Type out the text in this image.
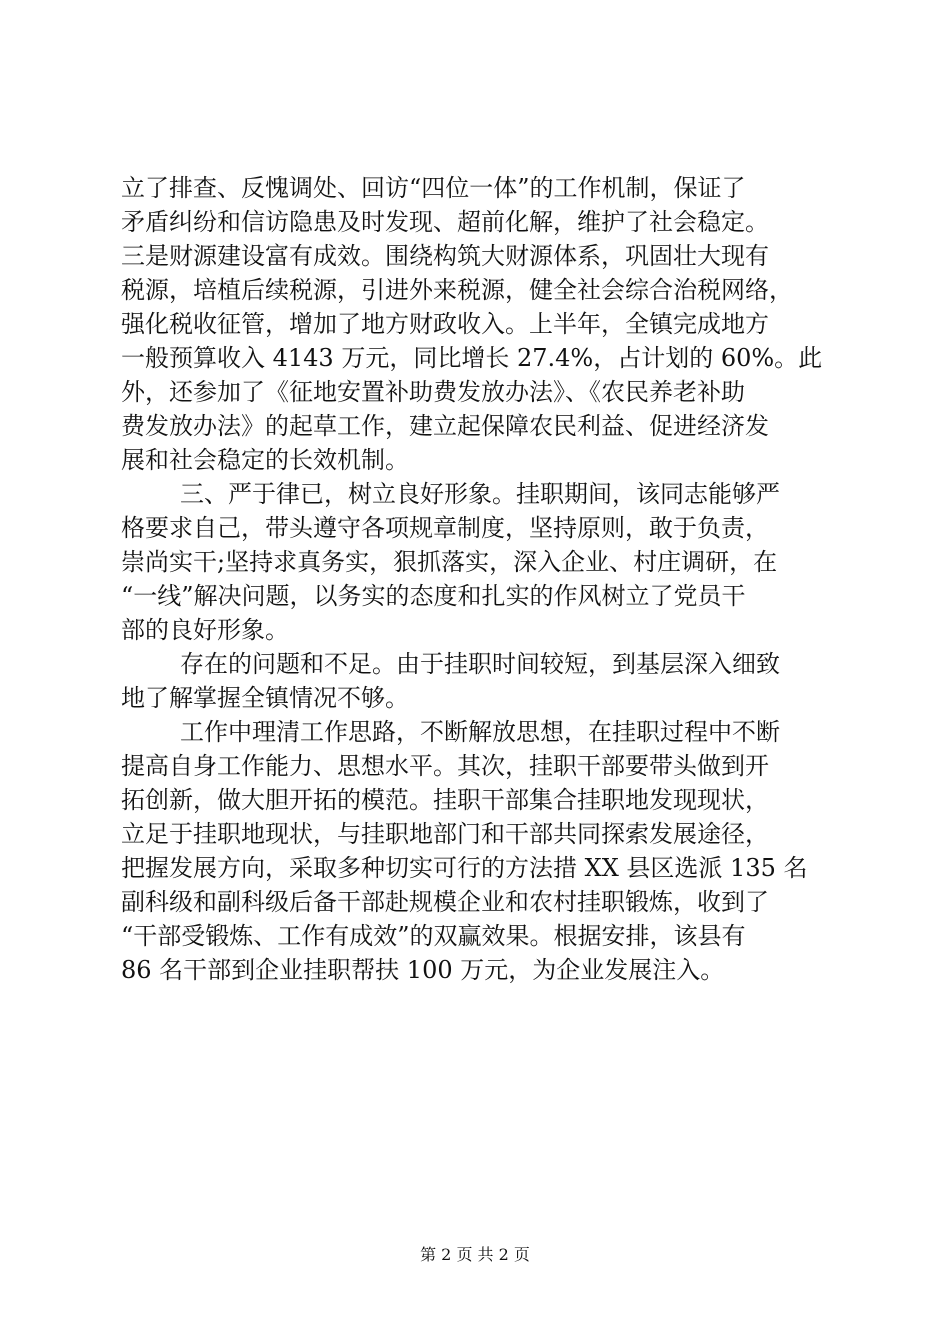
立了排查、反愧调处、回访“四位一体”的工作机制，保证了
矛盾纠纷和信访隐患及时发现、超前化解，维护了社会稳定。
三是财源建设富有成效。围绕构筑大财源体系，巩固壮大现有
税源，培植后续税源，引进外来税源，健全社会综合治税网络，
强化税收征管，增加了地方财政收入。上半年，全镇完成地方
一般预算收入 4143 万元，同比增长 27.4%，占计划的 60%。此
外，还参加了《征地安置补助费发放办法》、《农民养老补助
费发放办法》的起草工作，建立起保障农民利益、促进经济发
展和社会稳定的长效机制。
三、严于律已，树立良好形象。挂职期间，该同志能够严
格要求自己，带头遵守各项规章制度，坚持原则，敢于负责，
崇尚实干;坚持求真务实，狠抓落实，深入企业、村庄调研，在
“一线”解决问题，以务实的态度和扎实的作风树立了党员干
部的良好形象。
存在的问题和不足。由于挂职时间较短，到基层深入细致
地了解掌握全镇情况不够。
工作中理清工作思路，不断解放思想，在挂职过程中不断
提高自身工作能力、思想水平。其次，挂职干部要带头做到开
拓创新，做大胆开拓的模范。挂职干部集合挂职地发现现状，
立足于挂职地现状，与挂职地部门和干部共同探索发展途径，
把握发展方向，采取多种切实可行的方法措 XX 县区选派 135 名
副科级和副科级后备干部赴规模企业和农村挂职锻炼，收到了
“干部受锻炼、工作有成效”的双赢效果。根据安排，该县有
86 名干部到企业挂职帮扶 100 万元，为企业发展注入。
第 2 页 共 2 页
